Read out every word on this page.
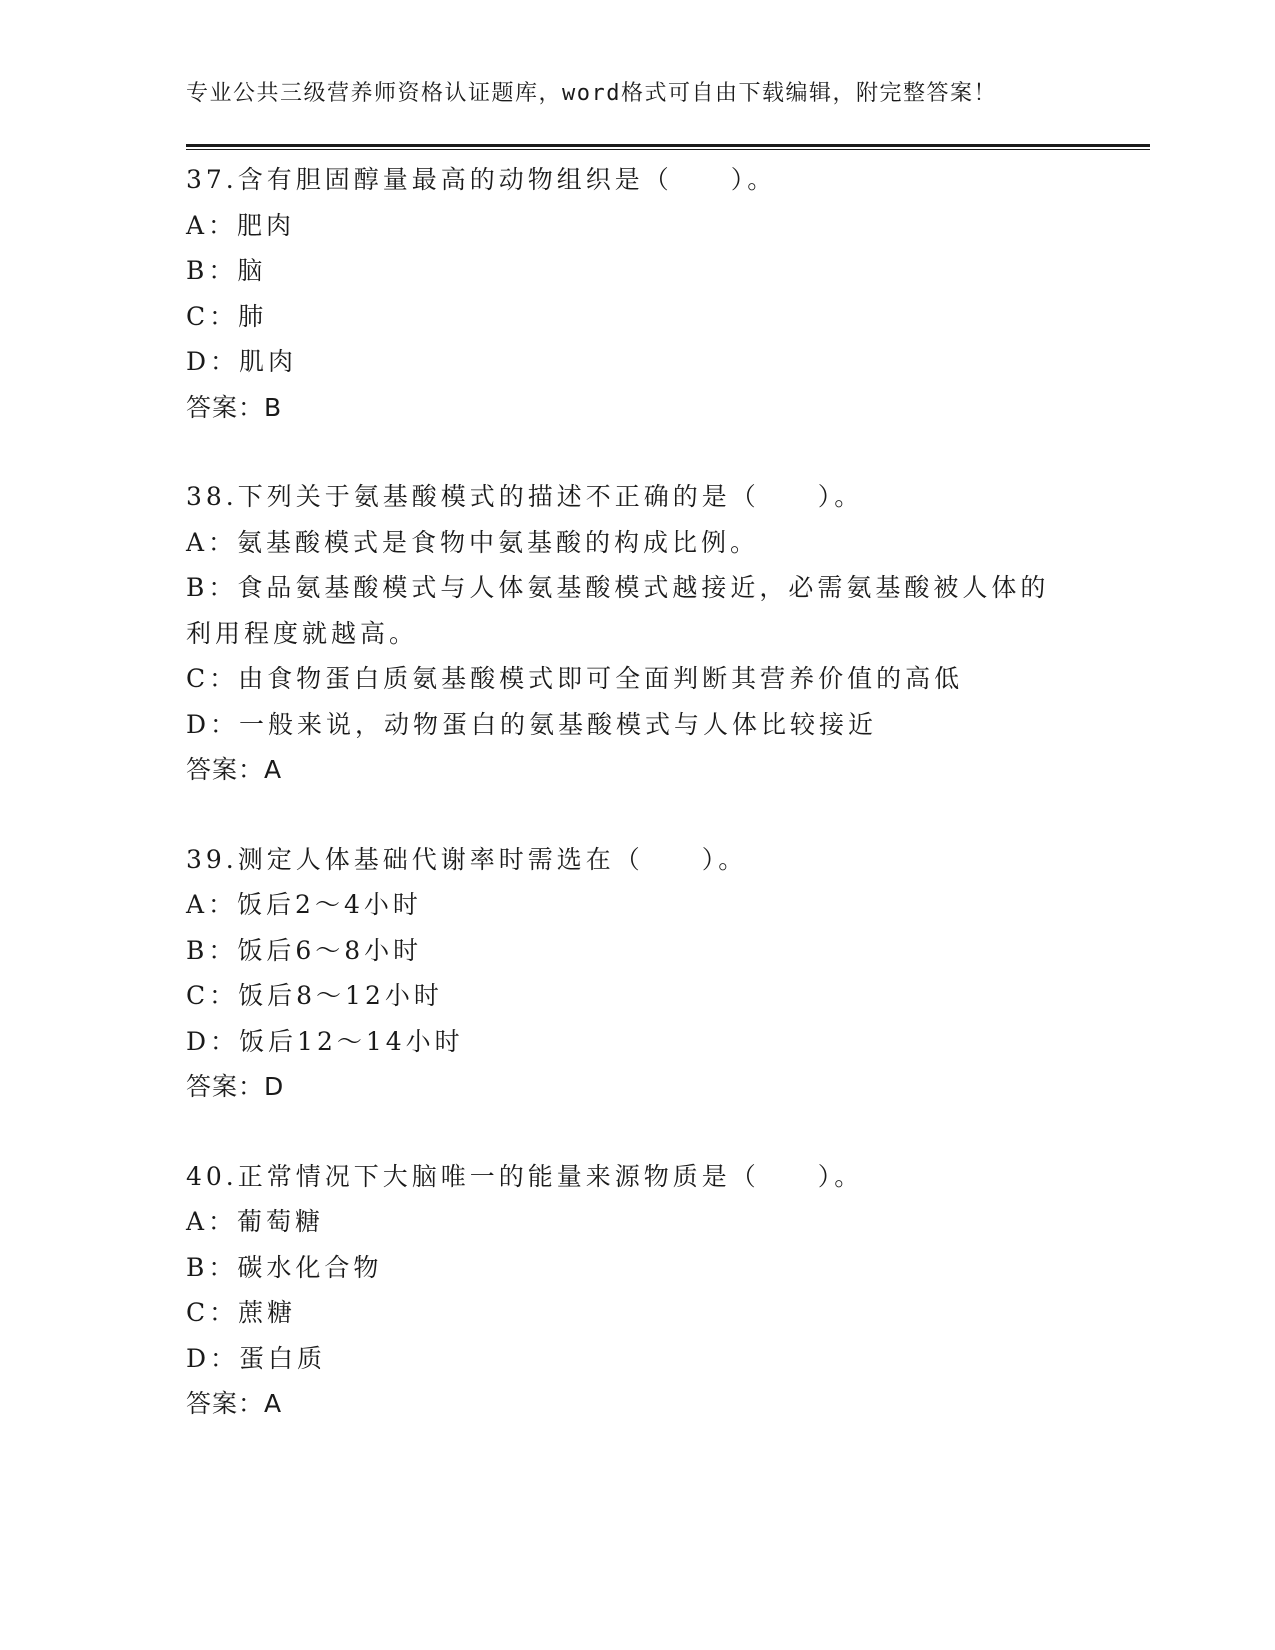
专业公共三级营养师资格认证题库，word格式可自由下载编辑，附完整答案！
37.含有胆固醇量最高的动物组织是（　　）。
A：肥肉
B：脑
C：肺
D：肌肉
答案：B
38.下列关于氨基酸模式的描述不正确的是（　　）。
A：氨基酸模式是食物中氨基酸的构成比例。
B：食品氨基酸模式与人体氨基酸模式越接近，必需氨基酸被人体的利用程度就越高。
C：由食物蛋白质氨基酸模式即可全面判断其营养价值的高低
D：一般来说，动物蛋白的氨基酸模式与人体比较接近
答案：A
39.测定人体基础代谢率时需选在（　　）。
A：饭后2～4小时
B：饭后6～8小时
C：饭后8～12小时
D：饭后12～14小时
答案：D
40.正常情况下大脑唯一的能量来源物质是（　　）。
A：葡萄糖
B：碳水化合物
C：蔗糖
D：蛋白质
答案：A
